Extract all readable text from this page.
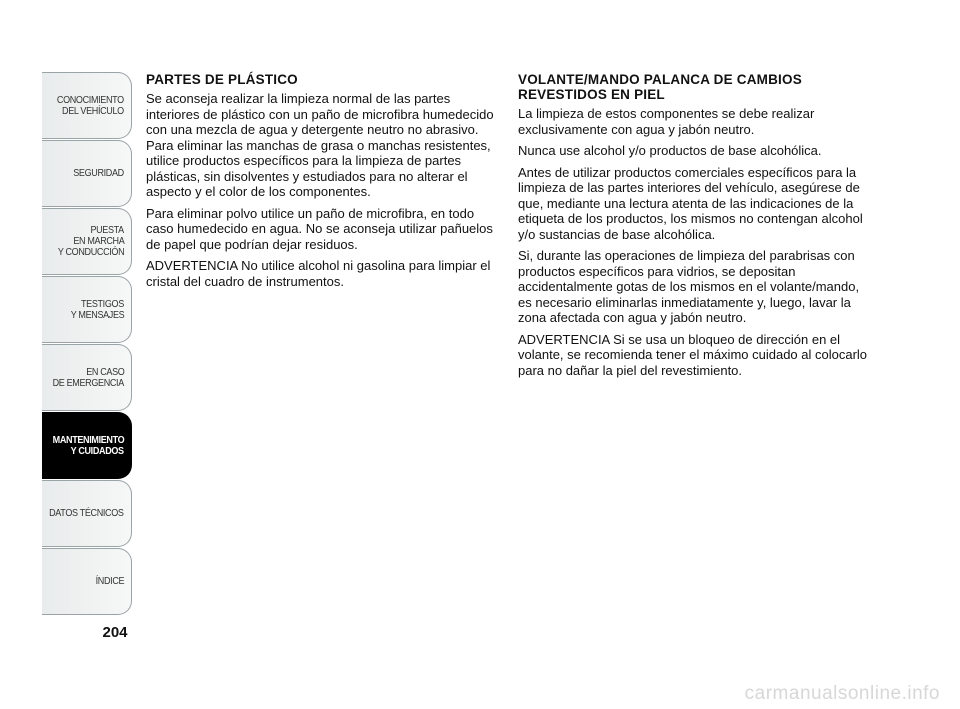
CONOCIMIENTO
DEL VEHÍCULO
SEGURIDAD
PUESTA
EN MARCHA
Y CONDUCCIÓN
TESTIGOS
Y MENSAJES
EN CASO
DE EMERGENCIA
MANTENIMIENTO
Y CUIDADOS
DATOS TÉCNICOS
ÍNDICE
204
PARTES DE PLÁSTICO

Se aconseja realizar la limpieza normal de las partes interiores de plástico con un paño de microfibra humedecido con una mezcla de agua y detergente neutro no abrasivo. Para eliminar las manchas de grasa o manchas resistentes, utilice productos específicos para la limpieza de partes plásticas, sin disolventes y estudiados para no alterar el aspecto y el color de los componentes.

Para eliminar polvo utilice un paño de microfibra, en todo caso humedecido en agua. No se aconseja utilizar pañuelos de papel que podrían dejar residuos.

ADVERTENCIA No utilice alcohol ni gasolina para limpiar el cristal del cuadro de instrumentos.

VOLANTE/MANDO PALANCA DE CAMBIOS REVESTIDOS EN PIEL

La limpieza de estos componentes se debe realizar exclusivamente con agua y jabón neutro.

Nunca use alcohol y/o productos de base alcohólica.

Antes de utilizar productos comerciales específicos para la limpieza de las partes interiores del vehículo, asegúrese de que, mediante una lectura atenta de las indicaciones de la etiqueta de los productos, los mismos no contengan alcohol y/o sustancias de base alcohólica.

Si, durante las operaciones de limpieza del parabrisas con productos específicos para vidrios, se depositan accidentalmente gotas de los mismos en el volante/mando, es necesario eliminarlas inmediatamente y, luego, lavar la zona afectada con agua y jabón neutro.

ADVERTENCIA Si se usa un bloqueo de dirección en el volante, se recomienda tener el máximo cuidado al colocarlo para no dañar la piel del revestimiento.

carmanualsonline.info
